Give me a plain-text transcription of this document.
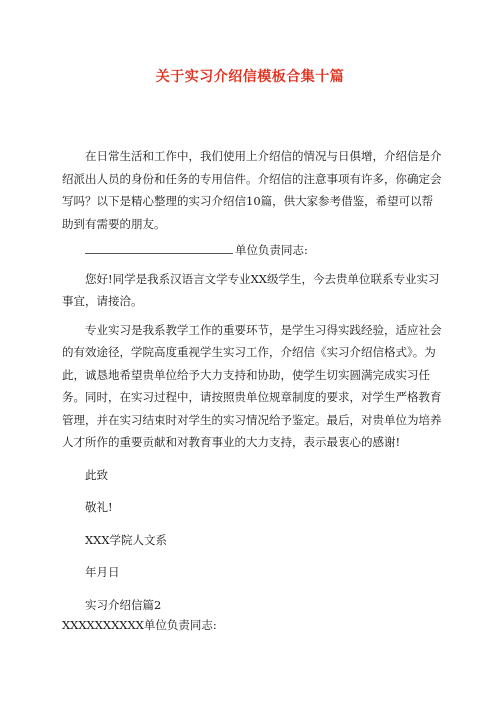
关于实习介绍信模板合集十篇

在日常生活和工作中，我们使用上介绍信的情况与日俱增，介绍信是介绍派出人员的身份和任务的专用信件。介绍信的注意事项有许多，你确定会写吗？以下是精心整理的实习介绍信10篇，供大家参考借鉴，希望可以帮助到有需要的朋友。

单位负责同志:

您好!同学是我系汉语言文学专业XX级学生，今去贵单位联系专业实习事宜，请接洽。

专业实习是我系教学工作的重要环节，是学生习得实践经验，适应社会的有效途径，学院高度重视学生实习工作，介绍信《实习介绍信格式》。为此，诚恳地希望贵单位给予大力支持和协助，使学生切实圆满完成实习任务。同时，在实习过程中，请按照贵单位规章制度的要求，对学生严格教育管理，并在实习结束时对学生的实习情况给予鉴定。最后，对贵单位为培养人才所作的重要贡献和对教育事业的大力支持，表示最衷心的感谢!

此致

敬礼!

XXX学院人文系

年月日

实习介绍信篇2

XXXXXXXXXX单位负责同志:
